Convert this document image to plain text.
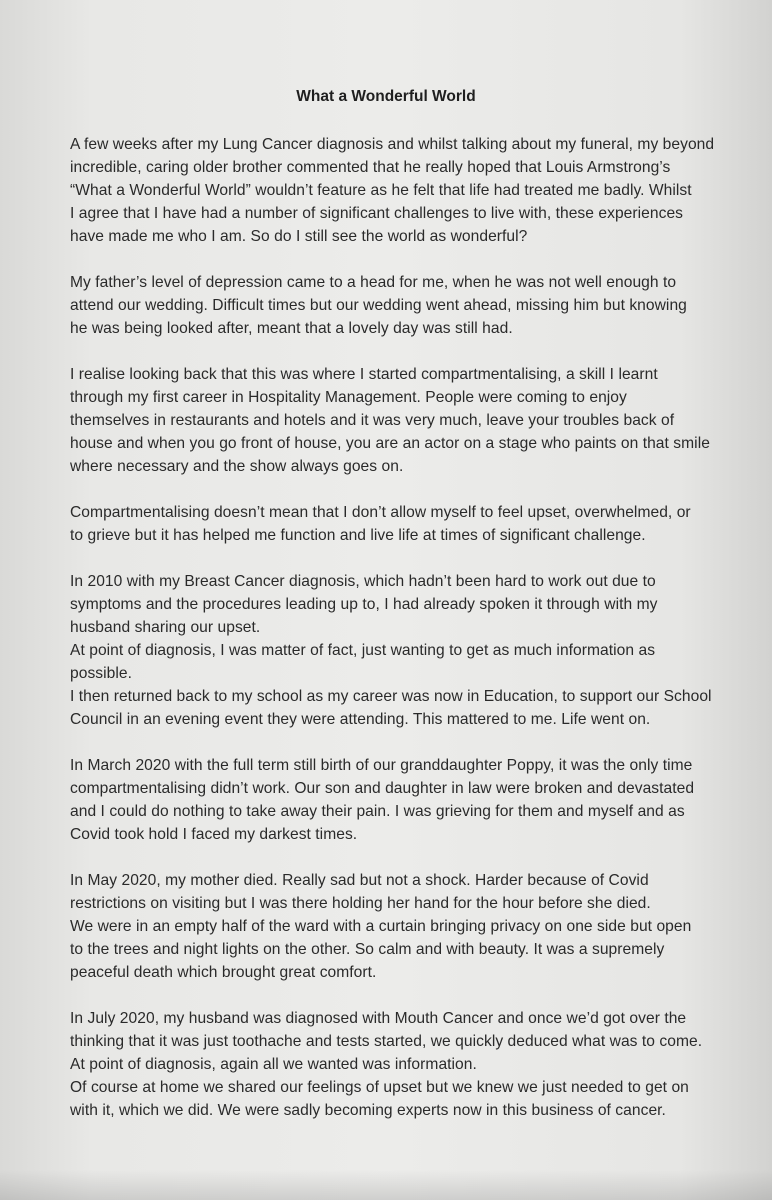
What a Wonderful World
A few weeks after my Lung Cancer diagnosis and whilst talking about my funeral, my beyond
incredible, caring older brother commented that he really hoped that Louis Armstrong’s
“What a Wonderful World” wouldn’t feature as he felt that life had treated me badly. Whilst
I agree that I have had a number of significant challenges to live with, these experiences
have made me who I am. So do I still see the world as wonderful?
My father’s level of depression came to a head for me, when he was not well enough to
attend our wedding. Difficult times but our wedding went ahead, missing him but knowing
he was being looked after, meant that a lovely day was still had.
I realise looking back that this was where I started compartmentalising, a skill I learnt
through my first career in Hospitality Management. People were coming to enjoy
themselves in restaurants and hotels and it was very much, leave your troubles back of
house and when you go front of house, you are an actor on a stage who paints on that smile
where necessary and the show always goes on.
Compartmentalising doesn’t mean that I don’t allow myself to feel upset, overwhelmed, or
to grieve but it has helped me function and live life at times of significant challenge.
In 2010 with my Breast Cancer diagnosis, which hadn’t been hard to work out due to
symptoms and the procedures leading up to, I had already spoken it through with my
husband sharing our upset.
At point of diagnosis, I was matter of fact, just wanting to get as much information as
possible.
I then returned back to my school as my career was now in Education, to support our School
Council in an evening event they were attending. This mattered to me. Life went on.
In March 2020 with the full term still birth of our granddaughter Poppy, it was the only time
compartmentalising didn’t work. Our son and daughter in law were broken and devastated
and I could do nothing to take away their pain. I was grieving for them and myself and as
Covid took hold I faced my darkest times.
In May 2020, my mother died. Really sad but not a shock. Harder because of Covid
restrictions on visiting but I was there holding her hand for the hour before she died.
We were in an empty half of the ward with a curtain bringing privacy on one side but open
to the trees and night lights on the other. So calm and with beauty. It was a supremely
peaceful death which brought great comfort.
In July 2020, my husband was diagnosed with Mouth Cancer and once we’d got over the
thinking that it was just toothache and tests started, we quickly deduced what was to come.
At point of diagnosis, again all we wanted was information.
Of course at home we shared our feelings of upset but we knew we just needed to get on
with it, which we did. We were sadly becoming experts now in this business of cancer.
